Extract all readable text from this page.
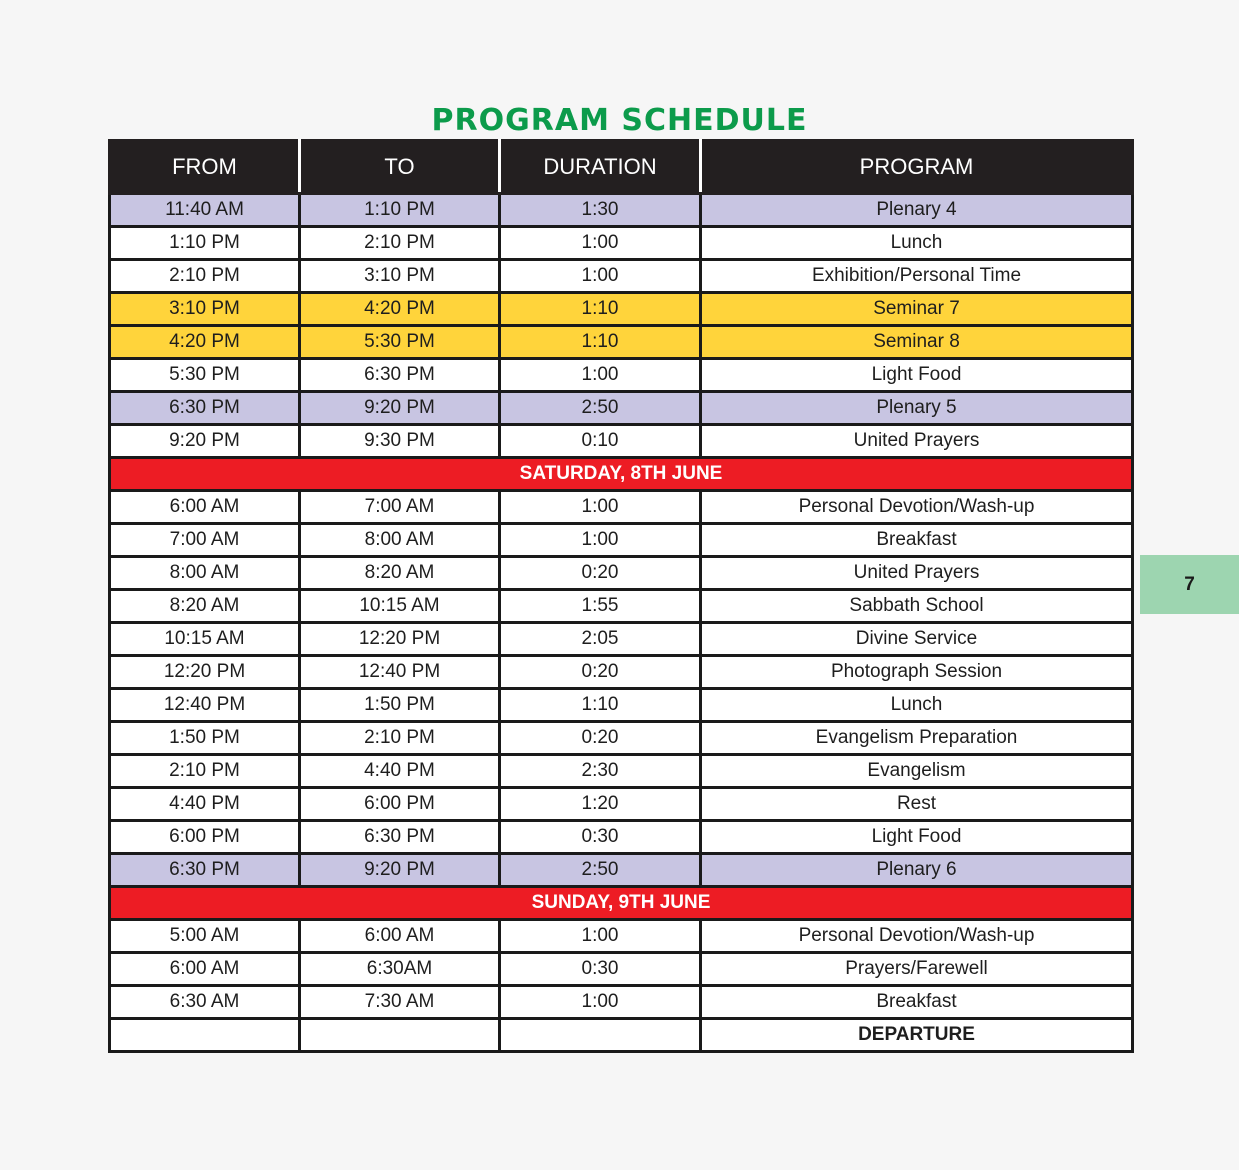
PROGRAM SCHEDULE
FROM	TO	DURATION	PROGRAM
11:40 AM	1:10 PM	1:30	Plenary 4
1:10 PM	2:10 PM	1:00	Lunch
2:10 PM	3:10 PM	1:00	Exhibition/Personal Time
3:10 PM	4:20 PM	1:10	Seminar 7
4:20 PM	5:30 PM	1:10	Seminar 8
5:30 PM	6:30 PM	1:00	Light Food
6:30 PM	9:20 PM	2:50	Plenary 5
9:20 PM	9:30 PM	0:10	United Prayers
SATURDAY, 8TH JUNE			
6:00 AM	7:00 AM	1:00	Personal Devotion/Wash-up
7:00 AM	8:00 AM	1:00	Breakfast
8:00 AM	8:20 AM	0:20	United Prayers
8:20 AM	10:15 AM	1:55	Sabbath School
10:15 AM	12:20 PM	2:05	Divine Service
12:20 PM	12:40 PM	0:20	Photograph Session
12:40 PM	1:50 PM	1:10	Lunch
1:50 PM	2:10 PM	0:20	Evangelism Preparation
2:10 PM	4:40 PM	2:30	Evangelism
4:40 PM	6:00 PM	1:20	Rest
6:00 PM	6:30 PM	0:30	Light Food
6:30 PM	9:20 PM	2:50	Plenary 6
SUNDAY, 9TH JUNE			
5:00 AM	6:00 AM	1:00	Personal Devotion/Wash-up
6:00 AM	6:30AM	0:30	Prayers/Farewell
6:30 AM	7:30 AM	1:00	Breakfast
			DEPARTURE
7
